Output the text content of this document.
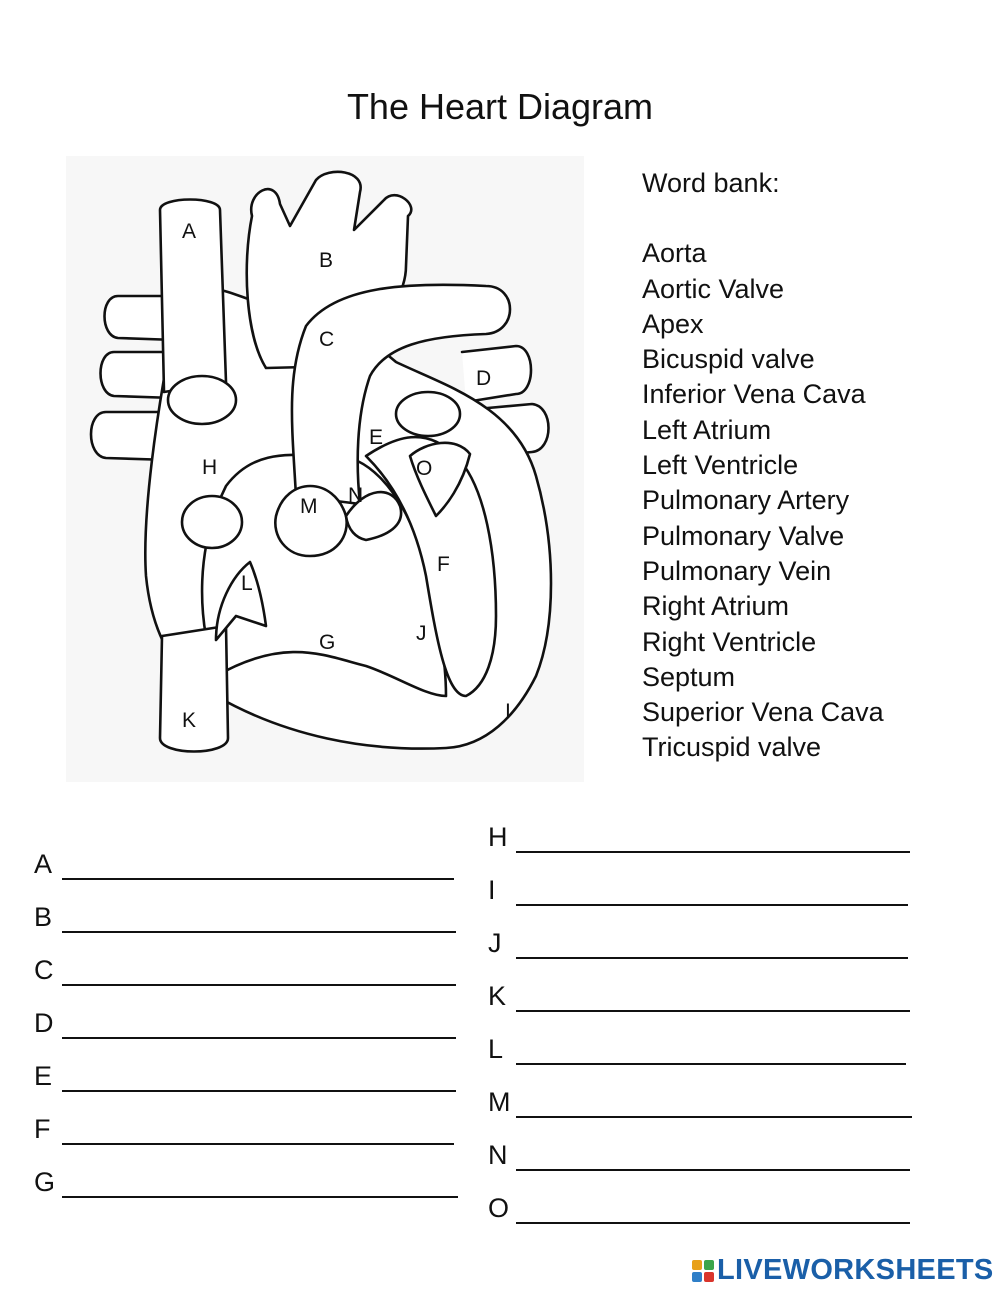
The Heart Diagram
A
B
C
D
E
F
G
H
I
J
K
L
M N
O
Word bank:
Aorta
Aortic Valve
Apex
Bicuspid valve
Inferior Vena Cava
Left Atrium
Left Ventricle
Pulmonary Artery
Pulmonary Valve
Pulmonary Vein
Right Atrium
Right Ventricle
Septum
Superior Vena Cava
Tricuspid valve
A
B
C
D
E
F
G
H
I
J
K
L
M
N
O
LIVEWORKSHEETS
